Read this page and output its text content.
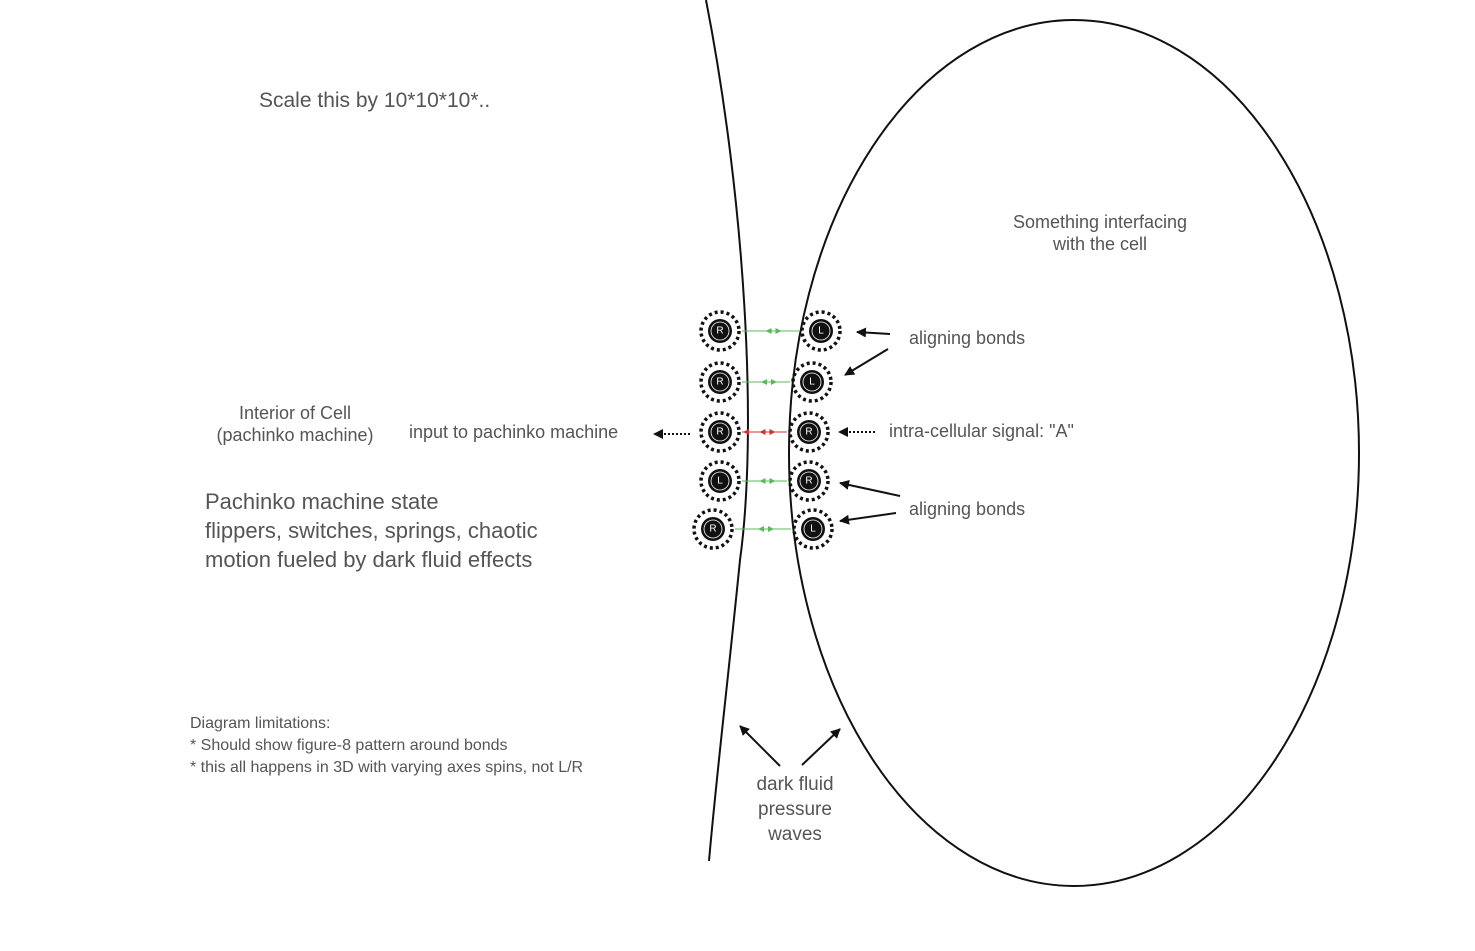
R	L
R	L
R	R
L	R
R	L
Scale this by 10*10*10*..
Something interfacing
with the cell
Interior of Cell
(pachinko machine)	input to pachinko machine	intra-cellular signal: "A"
aligning bonds
aligning bonds
Pachinko machine state
flippers, switches, springs, chaotic
motion fueled by dark fluid effects
Diagram limitations:
* Should show figure-8 pattern around bonds
* this all happens in 3D with varying axes spins, not L/R
dark fluid
pressure
waves
